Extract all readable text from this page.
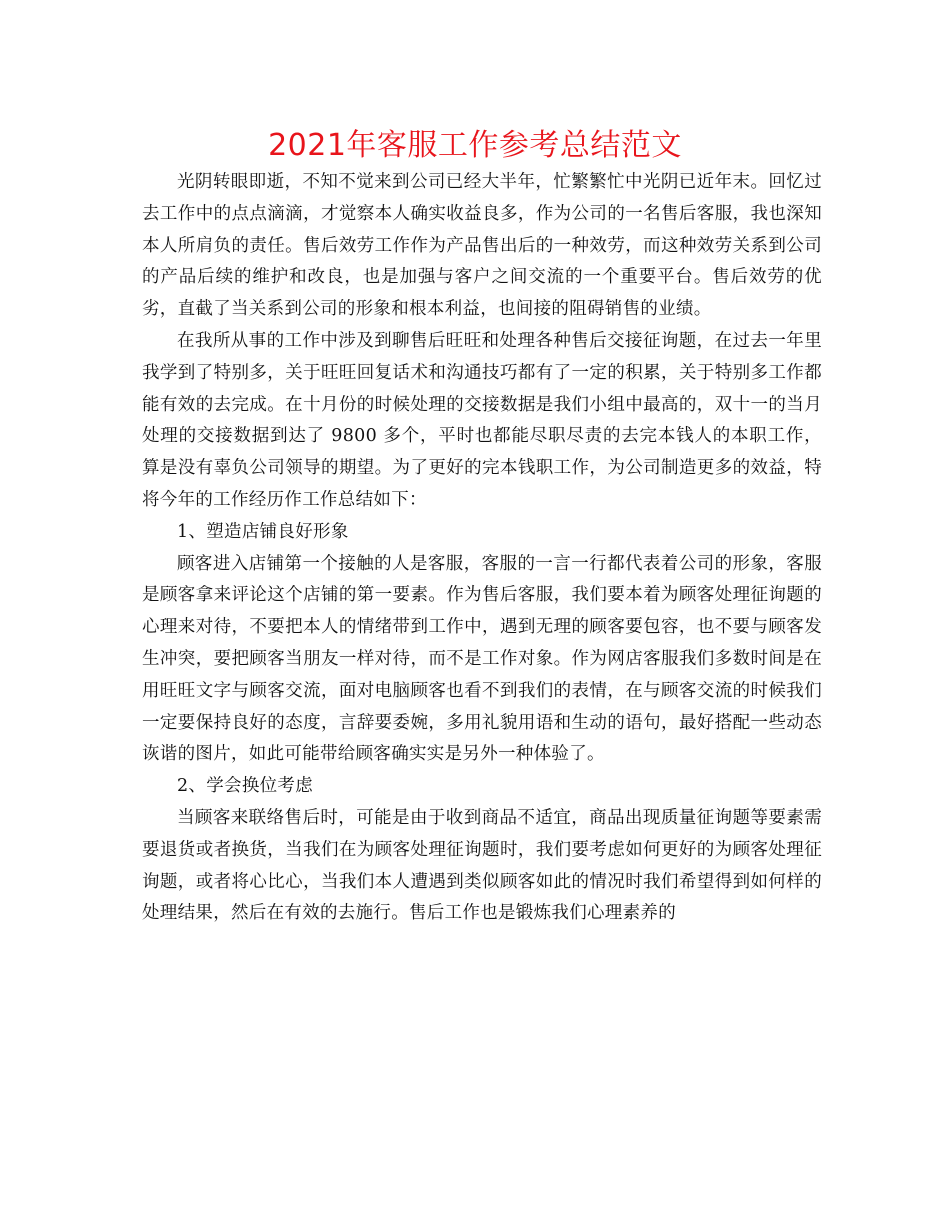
2021年客服工作参考总结范文

光阴转眼即逝，不知不觉来到公司已经大半年，忙繁繁忙中光阴已近年末。回忆过去工作中的点点滴滴，才觉察本人确实收益良多，作为公司的一名售后客服，我也深知本人所肩负的责任。售后效劳工作作为产品售出后的一种效劳，而这种效劳关系到公司的产品后续的维护和改良，也是加强与客户之间交流的一个重要平台。售后效劳的优劣，直截了当关系到公司的形象和根本利益，也间接的阻碍销售的业绩。

在我所从事的工作中涉及到聊售后旺旺和处理各种售后交接征询题，在过去一年里我学到了特别多，关于旺旺回复话术和沟通技巧都有了一定的积累，关于特别多工作都能有效的去完成。在十月份的时候处理的交接数据是我们小组中最高的，双十一的当月处理的交接数据到达了 9800 多个，平时也都能尽职尽责的去完本钱人的本职工作，算是没有辜负公司领导的期望。为了更好的完本钱职工作，为公司制造更多的效益，特将今年的工作经历作工作总结如下：

1、塑造店铺良好形象

顾客进入店铺第一个接触的人是客服，客服的一言一行都代表着公司的形象，客服是顾客拿来评论这个店铺的第一要素。作为售后客服，我们要本着为顾客处理征询题的心理来对待，不要把本人的情绪带到工作中，遇到无理的顾客要包容，也不要与顾客发生冲突，要把顾客当朋友一样对待，而不是工作对象。作为网店客服我们多数时间是在用旺旺文字与顾客交流，面对电脑顾客也看不到我们的表情，在与顾客交流的时候我们一定要保持良好的态度，言辞要委婉，多用礼貌用语和生动的语句，最好搭配一些动态诙谐的图片，如此可能带给顾客确实实是另外一种体验了。

2、学会换位考虑

当顾客来联络售后时，可能是由于收到商品不适宜，商品出现质量征询题等要素需要退货或者换货，当我们在为顾客处理征询题时，我们要考虑如何更好的为顾客处理征询题，或者将心比心，当我们本人遭遇到类似顾客如此的情况时我们希望得到如何样的处理结果，然后在有效的去施行。售后工作也是锻炼我们心理素养的
